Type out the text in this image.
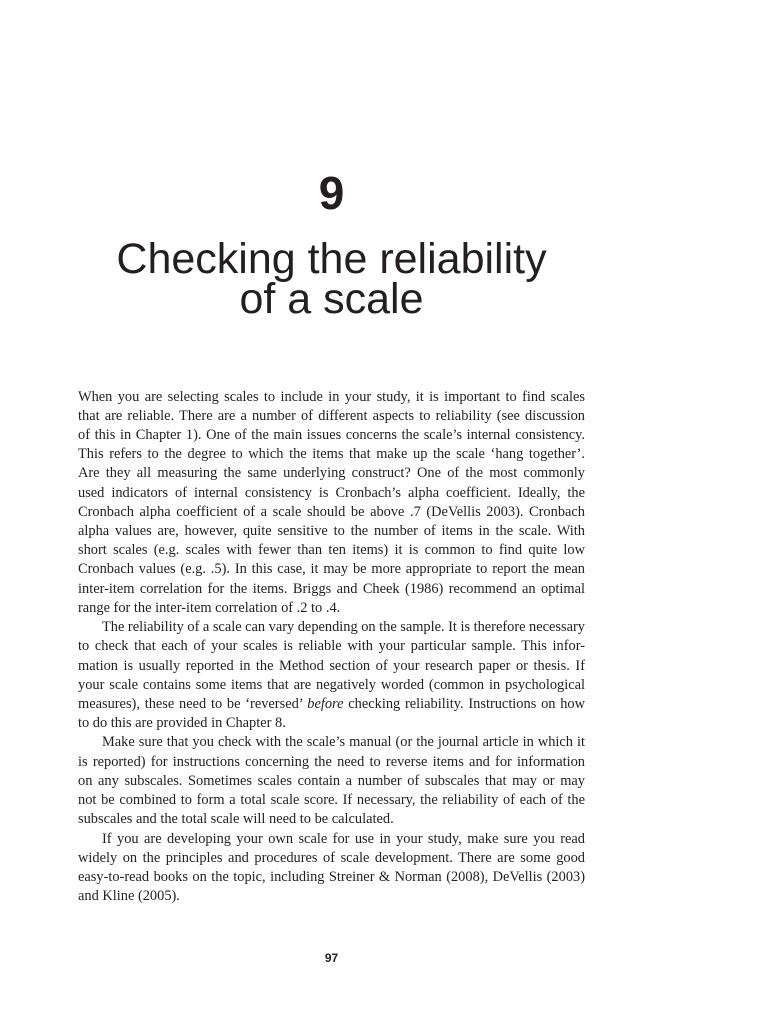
9
Checking the reliability
of a scale
When you are selecting scales to include in your study, it is important to find scales
that are reliable. There are a number of different aspects to reliability (see discussion
of this in Chapter 1). One of the main issues concerns the scale’s internal consistency.
This refers to the degree to which the items that make up the scale ‘hang together’.
Are they all measuring the same underlying construct? One of the most commonly
used indicators of internal consistency is Cronbach’s alpha coefficient. Ideally, the
Cronbach alpha coefficient of a scale should be above .7 (DeVellis 2003). Cronbach
alpha values are, however, quite sensitive to the number of items in the scale. With
short scales (e.g. scales with fewer than ten items) it is common to find quite low
Cronbach values (e.g. .5). In this case, it may be more appropriate to report the mean
inter-item correlation for the items. Briggs and Cheek (1986) recommend an optimal
range for the inter-item correlation of .2 to .4.
The reliability of a scale can vary depending on the sample. It is therefore necessary
to check that each of your scales is reliable with your particular sample. This infor-
mation is usually reported in the Method section of your research paper or thesis. If
your scale contains some items that are negatively worded (common in psychological
measures), these need to be ‘reversed’ before checking reliability. Instructions on how
to do this are provided in Chapter 8.
Make sure that you check with the scale’s manual (or the journal article in which it
is reported) for instructions concerning the need to reverse items and for information
on any subscales. Sometimes scales contain a number of subscales that may or may
not be combined to form a total scale score. If necessary, the reliability of each of the
subscales and the total scale will need to be calculated.
If you are developing your own scale for use in your study, make sure you read
widely on the principles and procedures of scale development. There are some good
easy-to-read books on the topic, including Streiner & Norman (2008), DeVellis (2003)
and Kline (2005).
97
